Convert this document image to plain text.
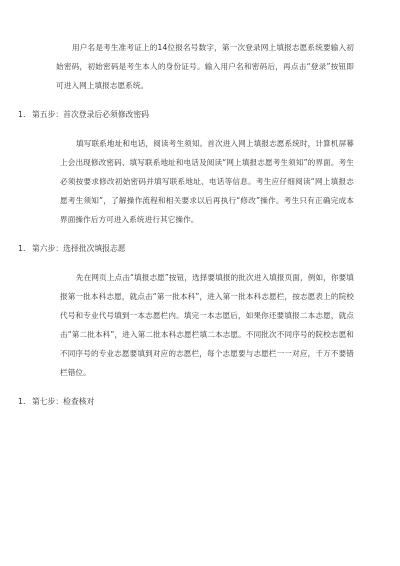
用户名是考生准考证上的14位报名号数字，第一次登录网上填报志愿系统要输入初始密码，初始密码是考生本人的身份证号。输入用户名和密码后，再点击“登录”按钮即可进入网上填报志愿系统。

1. 第五步：首次登录后必须修改密码

填写联系地址和电话，阅读考生须知。首次进入网上填报志愿系统时，计算机屏幕上会出现修改密码、填写联系地址和电话及阅读“网上填报志愿考生须知”的界面。考生必须按要求修改初始密码并填写联系地址、电话等信息。考生应仔细阅读“网上填报志愿考生须知”，了解操作流程和相关要求以后再执行“修改”操作。考生只有正确完成本界面操作后方可进入系统进行其它操作。

1. 第六步：选择批次填报志愿

先在网页上点击“填报志愿”按钮，选择要填报的批次进入填报页面，例如，你要填报第一批本科志愿，就点击“第一批本科”，进入第一批本科志愿栏，按志愿表上的院校代号和专业代号填到一本志愿栏内。填完一本志愿后，如果你还要填报二本志愿，就点击“第二批本科”，进入第二批本科志愿栏填二本志愿。不同批次不同序号的院校志愿和不同序号的专业志愿要填到对应的志愿栏，每个志愿要与志愿栏一一对应，千万不要错栏错位。

1. 第七步：检查核对
